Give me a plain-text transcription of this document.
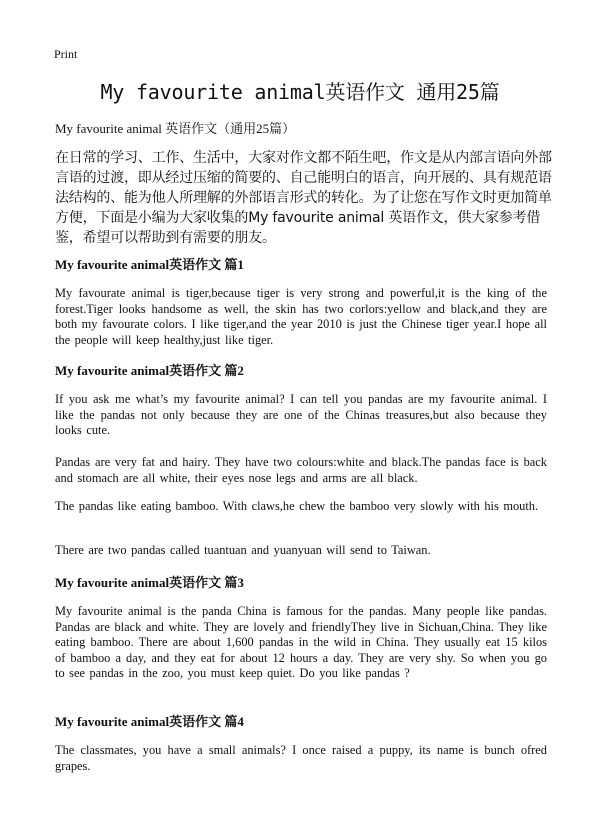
Print
My favourite animal英语作文 通用25篇
My favourite animal 英语作文（通用25篇）
在日常的学习、工作、生活中，大家对作文都不陌生吧，作文是从内部言语向外部言语的过渡，即从经过压缩的简要的、自己能明白的语言，向开展的、具有规范语法结构的、能为他人所理解的外部语言形式的转化。为了让您在写作文时更加简单方便，下面是小编为大家收集的My favourite animal 英语作文，供大家参考借鉴，希望可以帮助到有需要的朋友。
My favourite animal英语作文 篇1
My favourate animal is tiger,because tiger is very strong and powerful,it is the king of the forest.Tiger looks handsome as well, the skin has two corlors:yellow and black,and they are both my favourate colors. I like tiger,and the year 2010 is just the Chinese tiger year.I hope all the people will keep healthy,just like tiger.
My favourite animal英语作文 篇2
If you ask me what’s my favourite animal? I can tell you pandas are my favourite animal. I like the pandas not only because they are one of the Chinas treasures,but also because they looks cute.
Pandas are very fat and hairy. They have two colours:white and black.The pandas face is back and stomach are all white, their eyes nose legs and arms are all black.
The pandas like eating bamboo. With claws,he chew the bamboo very slowly with his mouth.
There are two pandas called tuantuan and yuanyuan will send to Taiwan.
My favourite animal英语作文 篇3
My favourite animal is the panda China is famous for the pandas. Many people like pandas. Pandas are black and white. They are lovely and friendlyThey live in Sichuan,China. They like eating bamboo. There are about 1,600 pandas in the wild in China. They usually eat 15 kilos of bamboo a day, and they eat for about 12 hours a day. They are very shy. So when you go to see pandas in the zoo, you must keep quiet. Do you like pandas ?
My favourite animal英语作文 篇4
The classmates, you have a small animals? I once raised a puppy, its name is bunch ofred grapes.
